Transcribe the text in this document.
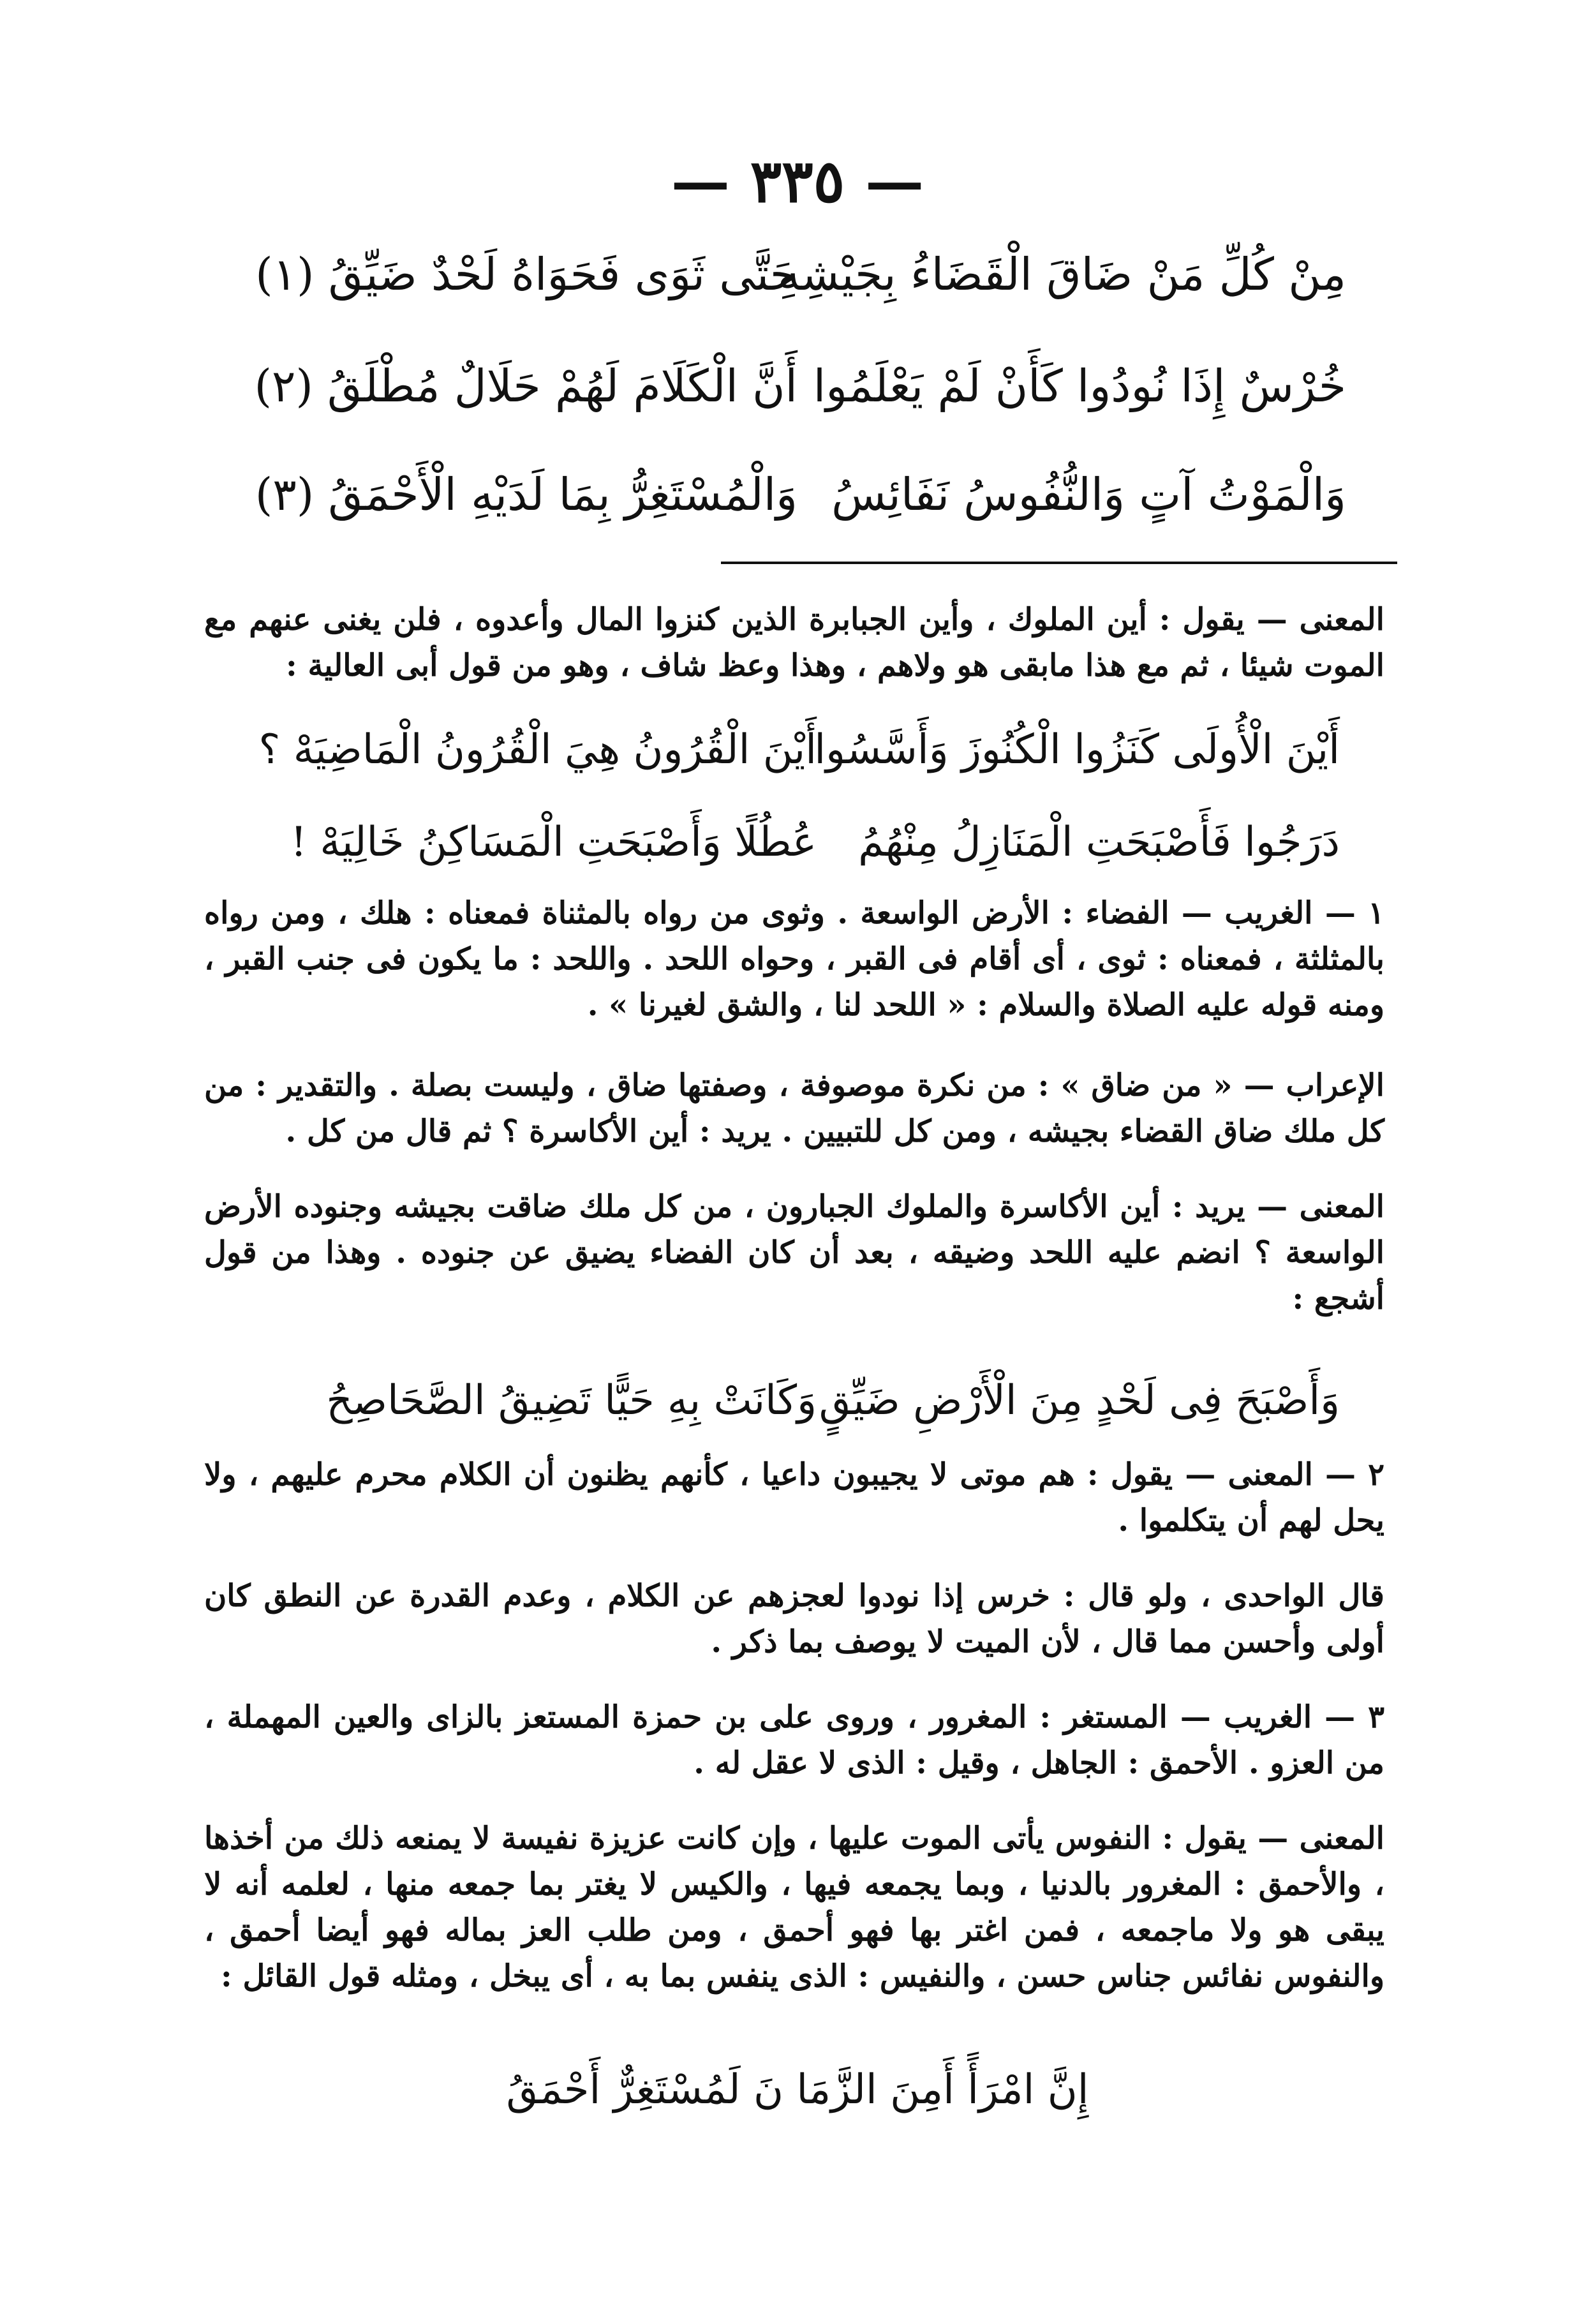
— ٣٣٥ —
مِنْ كُلِّ مَنْ ضَاقَ الْقَضَاءُ بِجَيْشِهِ
حَتَّى ثَوَى فَحَوَاهُ لَحْدٌ ضَيِّقُ (١)
خُرْسٌ إِذَا نُودُوا كَأَنْ لَمْ يَعْلَمُوا
أَنَّ الْكَلَامَ لَهُمْ حَلَالٌ مُطْلَقُ (٢)
وَالْمَوْتُ آتٍ وَالنُّفُوسُ نَفَائِسُ
وَالْمُسْتَغِرُّ بِمَا لَدَيْهِ الْأَحْمَقُ (٣)
المعنى — يقول : أين الملوك ، وأين الجبابرة الذين كنزوا المال وأعدوه ، فلن يغنى عنهم مع الموت شيئا ، ثم مع هذا مابقى هو ولاهم ، وهذا وعظ شاف ، وهو من قول أبى العالية :
أَيْنَ الْأُولَى كَنَزُوا الْكُنُوزَ وَأَسَّسُوا
أَيْنَ الْقُرُونُ هِيَ الْقُرُونُ الْمَاضِيَهْ ؟
دَرَجُوا فَأَصْبَحَتِ الْمَنَازِلُ مِنْهُمُ
عُطُلًا وَأَصْبَحَتِ الْمَسَاكِنُ خَالِيَهْ !
١ — الغريب — الفضاء : الأرض الواسعة . وثوى من رواه بالمثناة فمعناه : هلك ، ومن رواه بالمثلثة ، فمعناه : ثوى ، أى أقام فى القبر ، وحواه اللحد . واللحد : ما يكون فى جنب القبر ، ومنه قوله عليه الصلاة والسلام : « اللحد لنا ، والشق لغيرنا » .
الإعراب — « من ضاق » : من نكرة موصوفة ، وصفتها ضاق ، وليست بصلة . والتقدير : من كل ملك ضاق القضاء بجيشه ، ومن كل للتبيين . يريد : أين الأكاسرة ؟ ثم قال من كل .
المعنى — يريد : أين الأكاسرة والملوك الجبارون ، من كل ملك ضاقت بجيشه وجنوده الأرض الواسعة ؟ انضم عليه اللحد وضيقه ، بعد أن كان الفضاء يضيق عن جنوده . وهذا من قول أشجع :
وَأَصْبَحَ فِى لَحْدٍ مِنَ الْأَرْضِ ضَيِّقٍ
وَكَانَتْ بِهِ حَيًّا تَضِيقُ الصَّحَاصِحُ
٢ — المعنى — يقول : هم موتى لا يجيبون داعيا ، كأنهم يظنون أن الكلام محرم عليهم ، ولا يحل لهم أن يتكلموا .
قال الواحدى ، ولو قال : خرس إذا نودوا لعجزهم عن الكلام ، وعدم القدرة عن النطق كان أولى وأحسن مما قال ، لأن الميت لا يوصف بما ذكر .
٣ — الغريب — المستغر : المغرور ، وروى على بن حمزة المستعز بالزاى والعين المهملة ، من العزو . الأحمق : الجاهل ، وقيل : الذى لا عقل له .
المعنى — يقول : النفوس يأتى الموت عليها ، وإن كانت عزيزة نفيسة لا يمنعه ذلك من أخذها ، والأحمق : المغرور بالدنيا ، وبما يجمعه فيها ، والكيس لا يغتر بما جمعه منها ، لعلمه أنه لا يبقى هو ولا ماجمعه ، فمن اغتر بها فهو أحمق ، ومن طلب العز بماله فهو أيضا أحمق ، والنفوس نفائس جناس حسن ، والنفيس : الذى ينفس بما به ، أى يبخل ، ومثله قول القائل :
إِنَّ امْرَأً أَمِنَ الزَّمَا نَ لَمُسْتَغِرٌّ أَحْمَقُ
